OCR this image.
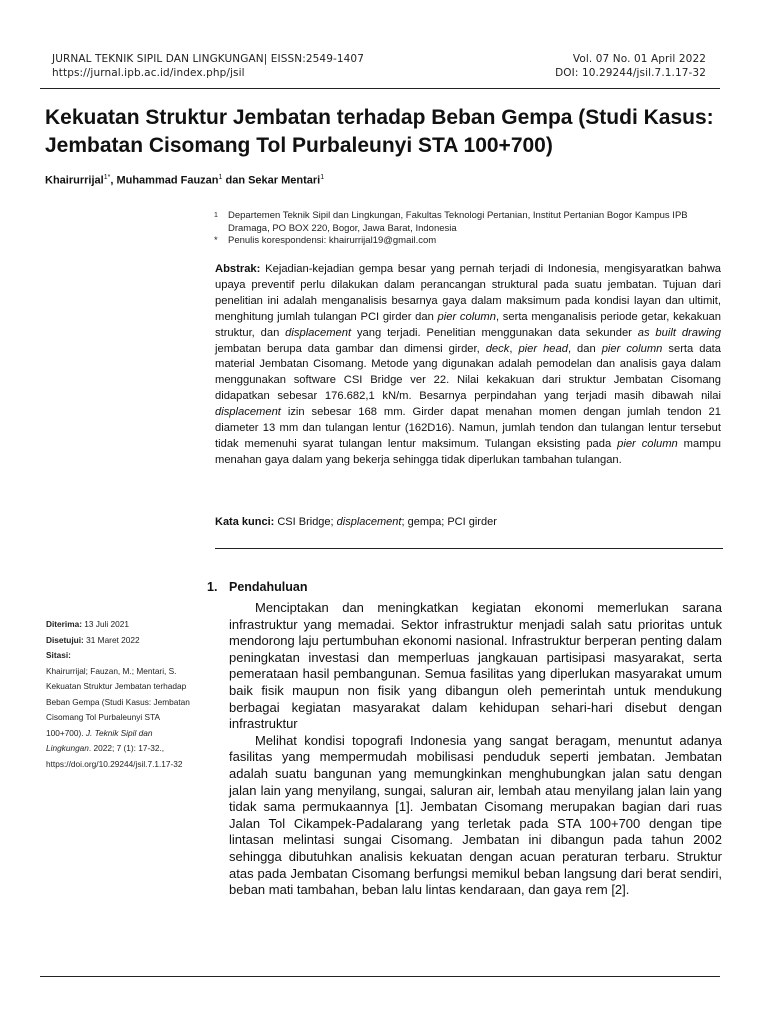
JURNAL TEKNIK SIPIL DAN LINGKUNGAN| EISSN:2549-1407
https://jurnal.ipb.ac.id/index.php/jsil
Vol. 07 No. 01 April 2022
DOI: 10.29244/jsil.7.1.17-32
Kekuatan Struktur Jembatan terhadap Beban Gempa (Studi Kasus: Jembatan Cisomang Tol Purbaleunyi STA 100+700)
Khairurrijal$^{1*}$, Muhammad Fauzan$^1$ dan Sekar Mentari$^1$
1	Departemen Teknik Sipil dan Lingkungan, Fakultas Teknologi Pertanian, Institut Pertanian Bogor Kampus IPB Dramaga, PO BOX 220, Bogor, Jawa Barat, Indonesia
*	Penulis korespondensi: khairurrijal19@gmail.com
Abstrak: Kejadian-kejadian gempa besar yang pernah terjadi di Indonesia, mengisyaratkan bahwa upaya preventif perlu dilakukan dalam perancangan struktural pada suatu jembatan. Tujuan dari penelitian ini adalah menganalisis besarnya gaya dalam maksimum pada kondisi layan dan ultimit, menghitung jumlah tulangan PCI girder dan pier column, serta menganalisis periode getar, kekakuan struktur, dan displacement yang terjadi. Penelitian menggunakan data sekunder as built drawing jembatan berupa data gambar dan dimensi girder, deck, pier head, dan pier column serta data material Jembatan Cisomang. Metode yang digunakan adalah pemodelan dan analisis gaya dalam menggunakan software CSI Bridge ver 22. Nilai kekakuan dari struktur Jembatan Cisomang didapatkan sebesar 176.682,1 kN/m. Besarnya perpindahan yang terjadi masih dibawah nilai displacement izin sebesar 168 mm. Girder dapat menahan momen dengan jumlah tendon 21 diameter 13 mm dan tulangan lentur (162D16). Namun, jumlah tendon dan tulangan lentur tersebut tidak memenuhi syarat tulangan lentur maksimum. Tulangan eksisting pada pier column mampu menahan gaya dalam yang bekerja sehingga tidak diperlukan tambahan tulangan.
Kata kunci: CSI Bridge; displacement; gempa; PCI girder
1. Pendahuluan

Menciptakan dan meningkatkan kegiatan ekonomi memerlukan sarana infrastruktur yang memadai. Sektor infrastruktur menjadi salah satu prioritas untuk mendorong laju pertumbuhan ekonomi nasional. Infrastruktur berperan penting dalam peningkatan investasi dan memperluas jangkauan partisipasi masyarakat, serta pemerataan hasil pembangunan. Semua fasilitas yang diperlukan masyarakat umum baik fisik maupun non fisik yang dibangun oleh pemerintah untuk mendukung berbagai kegiatan masyarakat dalam kehidupan sehari-hari disebut dengan infrastruktur

Melihat kondisi topografi Indonesia yang sangat beragam, menuntut adanya fasilitas yang mempermudah mobilisasi penduduk seperti jembatan. Jembatan adalah suatu bangunan yang memungkinkan menghubungkan jalan satu dengan jalan lain yang menyilang, sungai, saluran air, lembah atau menyilang jalan lain yang tidak sama permukaannya [1]. Jembatan Cisomang merupakan bagian dari ruas Jalan Tol Cikampek-Padalarang yang terletak pada STA 100+700 dengan tipe lintasan melintasi sungai Cisomang. Jembatan ini dibangun pada tahun 2002 sehingga dibutuhkan analisis kekuatan dengan acuan peraturan terbaru. Struktur atas pada Jembatan Cisomang berfungsi memikul beban langsung dari berat sendiri, beban mati tambahan, beban lalu lintas kendaraan, dan gaya rem [2].

Diterima: 13 Juli 2021
Disetujui: 31 Maret 2022
Sitasi:
Khairurrijal; Fauzan, M.; Mentari, S. Kekuatan Struktur Jembatan terhadap Beban Gempa (Studi Kasus: Jembatan Cisomang Tol Purbaleunyi STA 100+700). J. Teknik Sipil dan Lingkungan. 2022; 7 (1): 17-32., https://doi.org/10.29244/jsil.7.1.17-32
